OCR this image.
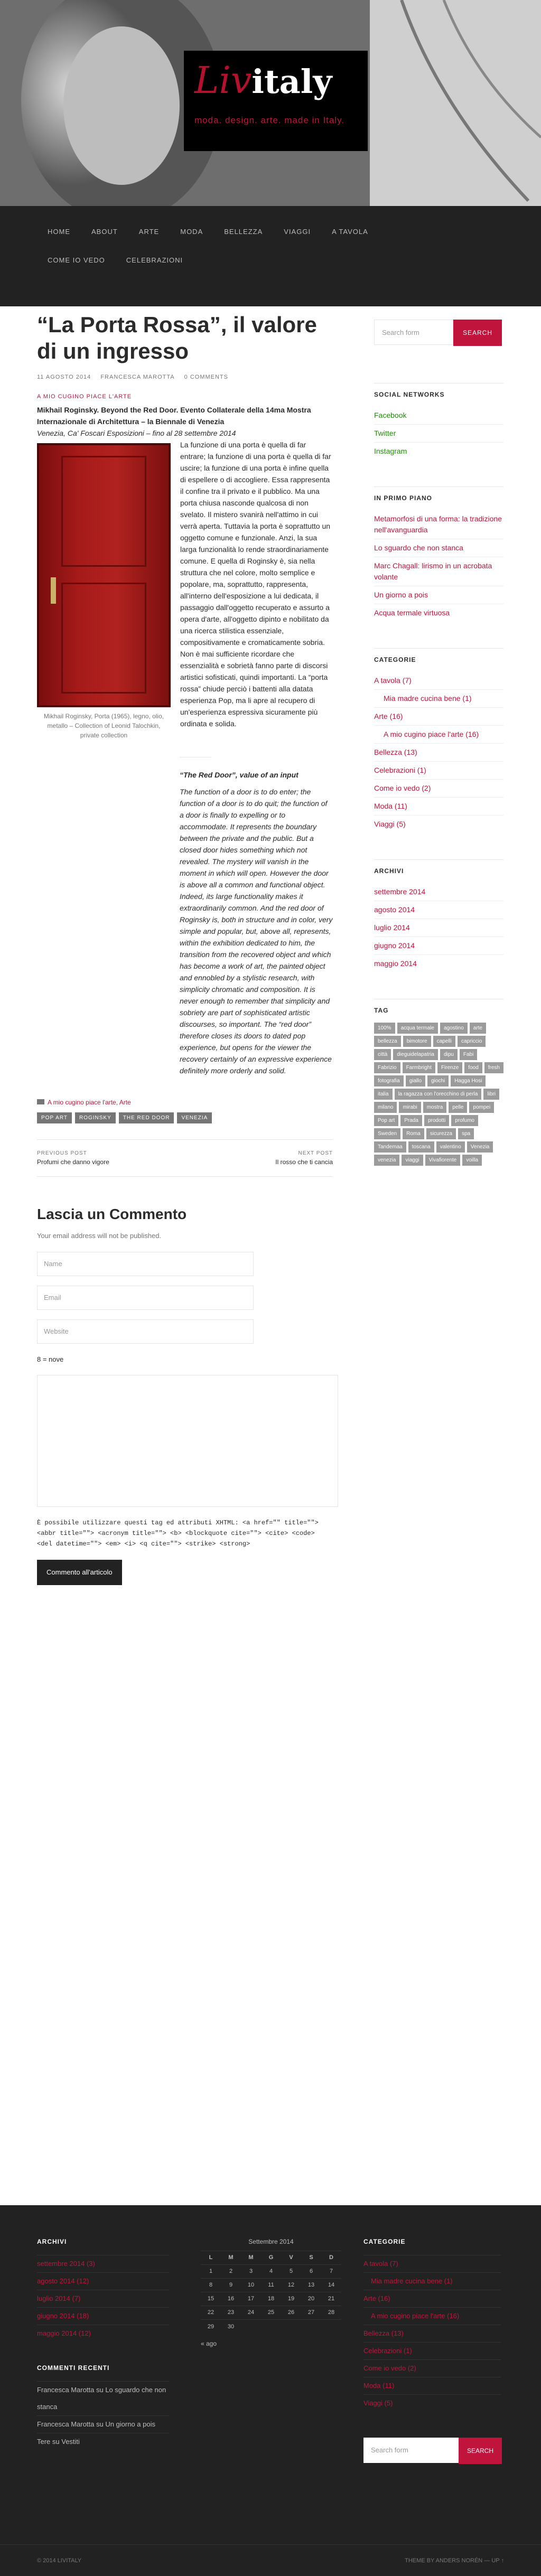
Livitaly
moda. design. arte. made in Italy.
HOME	ABOUT	ARTE	MODA	BELLEZZA	VIAGGI	A TAVOLA
COME IO VEDO	CELEBRAZIONI
“La Porta Rossa”, il valore di un ingresso
11 AGOSTO 2014 FRANCESCA MAROTTA 0 COMMENTS
A MIO CUGINO PIACE L'ARTE
Mikhail Roginsky. Beyond the Red Door. Evento Collaterale della 14ma Mostra Internazionale di Architettura – la Biennale di Venezia
Venezia, Ca' Foscari Esposizioni – fino al 28 settembre 2014
Mikhail Roginsky, Porta (1965), legno, olio, metallo – Collection of Leonid Talochkin, private collection

La funzione di una porta è quella di far entrare; la funzione di una porta è quella di far uscire; la funzione di una porta è infine quella di espellere o di accogliere. Essa rappresenta il confine tra il privato e il pubblico. Ma una porta chiusa nasconde qualcosa di non svelato. Il mistero svanirà nell'attimo in cui verrà aperta. Tuttavia la porta è soprattutto un oggetto comune e funzionale. Anzi, la sua larga funzionalità lo rende straordinariamente comune. E quella di Roginsky è, sia nella struttura che nel colore, molto semplice e popolare, ma, soprattutto, rappresenta, all'interno dell'esposizione a lui dedicata, il passaggio dall'oggetto recuperato e assurto a opera d'arte, all'oggetto dipinto e nobilitato da una ricerca stilistica essenziale, compositivamente e cromaticamente sobria. Non è mai sufficiente ricordare che essenzialità e sobrietà fanno parte di discorsi artistici sofisticati, quindi importanti. La “porta rossa” chiude perciò i battenti alla datata esperienza Pop, ma li apre al recupero di un'esperienza espressiva sicuramente più ordinata e solida.

“The Red Door”, value of an input

The function of a door is to do enter; the function of a door is to do quit; the function of a door is finally to expelling or to accommodate. It represents the boundary between the private and the public. But a closed door hides something which not revealed. The mystery will vanish in the moment in which will open. However the door is above all a common and functional object. Indeed, its large functionality makes it extraordinarily common. And the red door of Roginsky is, both in structure and in color, very simple and popular, but, above all, represents, within the exhibition dedicated to him, the transition from the recovered object and which has become a work of art, the painted object and ennobled by a stylistic research, with simplicity chromatic and composition. It is never enough to remember that simplicity and sobriety are part of sophisticated artistic discourses, so important. The “red door” therefore closes its doors to dated pop experience, but opens for the viewer the recovery certainly of an expressive experience definitely more orderly and solid.

A mio cugino piace l'arte, Arte
POP ART	ROGINSKY	THE RED DOOR	VENEZIA
PREVIOUS POST
Profumi che danno vigore
NEXT POST
Il rosso che ti cancia
Lascia un Commento
Your email address will not be published.
Name
Email
Website
8 = nove
È possibile utilizzare questi tag ed attributi XHTML: <a href="" title=""> <abbr title=""> <acronym title=""> <b> <blockquote cite=""> <cite> <code> <del datetime=""> <em> <i> <q cite=""> <strike> <strong>
Commento all'articolo
Search form	SEARCH
SOCIAL NETWORKS
Facebook
Twitter
Instagram
IN PRIMO PIANO
Metamorfosi di una forma: la tradizione nell'avanguardia
Lo sguardo che non stanca
Marc Chagall: lirismo in un acrobata volante
Un giorno a pois
Acqua termale virtuosa
CATEGORIE
A tavola (7)
Mia madre cucina bene (1)
Arte (16)
A mio cugino piace l'arte (16)
Bellezza (13)
Celebrazioni (1)
Come io vedo (2)
Moda (11)
Viaggi (5)
ARCHIVI
settembre 2014
agosto 2014
luglio 2014
giugno 2014
maggio 2014
TAG
100%	acqua termale	agostino	arte
bellezza	bimotore	capelli	capriccio
città	dieguidelapatria	dipu	Fabi
Fabrizio	Farmbright	Firenze	food	fresh
fotografia	giallo	giochi	Hagga Hosi
italia	la ragazza con l'orecchino di perla	libri
milano	mirabi	mostra	pelle	pompei
Pop art	Prada	prodotti	profumo
Sweden	Roma	sicurezza	spa
Tandemaa	toscana	valentino	Venezia
venezia	viaggi	Vivafiorente	voilla
ARCHIVI
settembre 2014 (3)
agosto 2014 (12)
luglio 2014 (7)
giugno 2014 (18)
maggio 2014 (12)
COMMENTI RECENTI
Francesca Marotta su Lo sguardo che non stanca
Francesca Marotta su Un giorno a pois
Tere su Vestiti
Settembre 2014
L	M	M	G	V	S	D
1	2	3	4	5	6	7
8	9	10	11	12	13	14
15	16	17	18	19	20	21
22	23	24	25	26	27	28
29	30					
« ago
CATEGORIE
A tavola (7)
Mia madre cucina bene (1)
Arte (16)
A mio cugino piace l'arte (16)
Bellezza (13)
Celebrazioni (1)
Come io vedo (2)
Moda (11)
Viaggi (5)
Search form	SEARCH
© 2014 LIVITALY	THEME BY ANDERS NORÉN — UP ↑
